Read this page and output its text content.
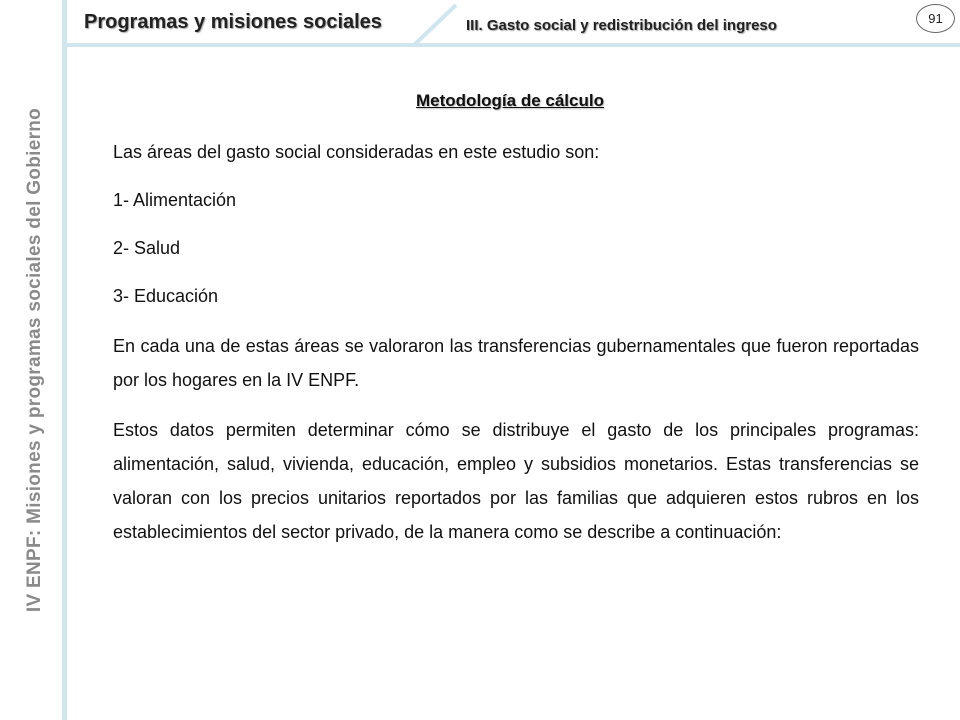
IV ENPF: Misiones y programas sociales del Gobierno
Programas y misiones sociales	III. Gasto social y redistribución del ingreso	91
Metodología de cálculo

Las áreas del gasto social consideradas en este estudio son:

1- Alimentación

2- Salud

3- Educación

En cada una de estas áreas se valoraron las transferencias gubernamentales que fueron reportadas por los hogares en la IV ENPF.

Estos datos permiten determinar cómo se distribuye el gasto de los principales programas: alimentación, salud, vivienda, educación, empleo y subsidios monetarios. Estas transferencias se valoran con los precios unitarios reportados por las familias que adquieren estos rubros en los establecimientos del sector privado, de la manera como se describe a continuación:
